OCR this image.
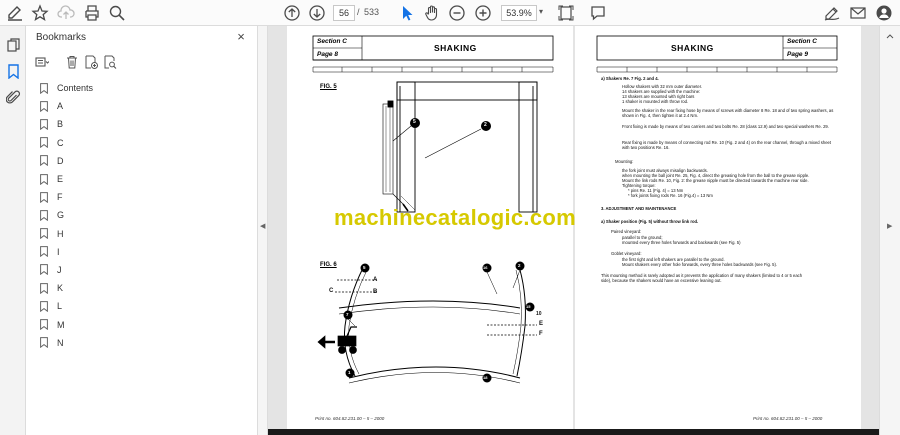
56
/ 533
53.9%	▾
Bookmarks	×
Contents
A
B
C
D
E
F
G
H
I
J
K
L
M
N
◀
Section C
Page 8
SHAKING
FIG. 5
FIG. 6
5	2
5
A
B
C
7
16	2
15
10
E
F
1
18
Print no. 604.82.231.00 – 5 – 2000
SHAKING
Section C
Page 9
a) Shakers Re. 7 Fig. 2 and 4.
Hollow shakers with 32 mm outer diameter.
14 shakers are supplied with the machine:
13 shakers are mounted with right bars
1 shaker is mounted with throw rod.
Mount the shaker in the rear fixing hose by means of screws with diameter 8 Re. 18 and of two spring washers, as shown in Fig. 4, then tighten it at 2.4 Nm.
Front fixing is made by means of two carriers and two bolts Re. 28 (class 12.9) and two special washers Re. 29.
Rear fixing is made by means of connecting rod Re. 10 (Fig. 2 and 4) on the rear channel, through a mixed sheet with two positions Re. 16.
Mounting:
the fork joint must always misalign backwards.
when mounting the ball joint Re. 25, Fig. 4, direct the greasing hole from the ball to the grease nipple.
Mount the link rods Re. 10, Fig. 2: the grease nipple must be directed towards the machine rear side.
Tightening torque:
* pins Re. 11 (Fig. 4) = 13 Nm
* fork joints fixing rods Re. 16 (Fig.4) = 13 Nm
3. ADJUSTMENT AND MAINTENANCE
a) Shaker position (Fig. 5) without throw link rod.
Paired vineyard:
parallel to the ground;
mounted every three holes forwards and backwards (see Fig. 5)
Goblet vineyard:
the first right and left shakers are parallel to the ground.
Mount shakers every other hole forwards, every three holes backwards (see Fig. 5).
This mounting method is rarely adopted as it prevents the application of many shakers (limited to 4 or 5 each
side), because the shakers would have an excessive leaning out.
Print no. 604.82.231.00 – 5 – 2000
machinecatalogic.com	▶
